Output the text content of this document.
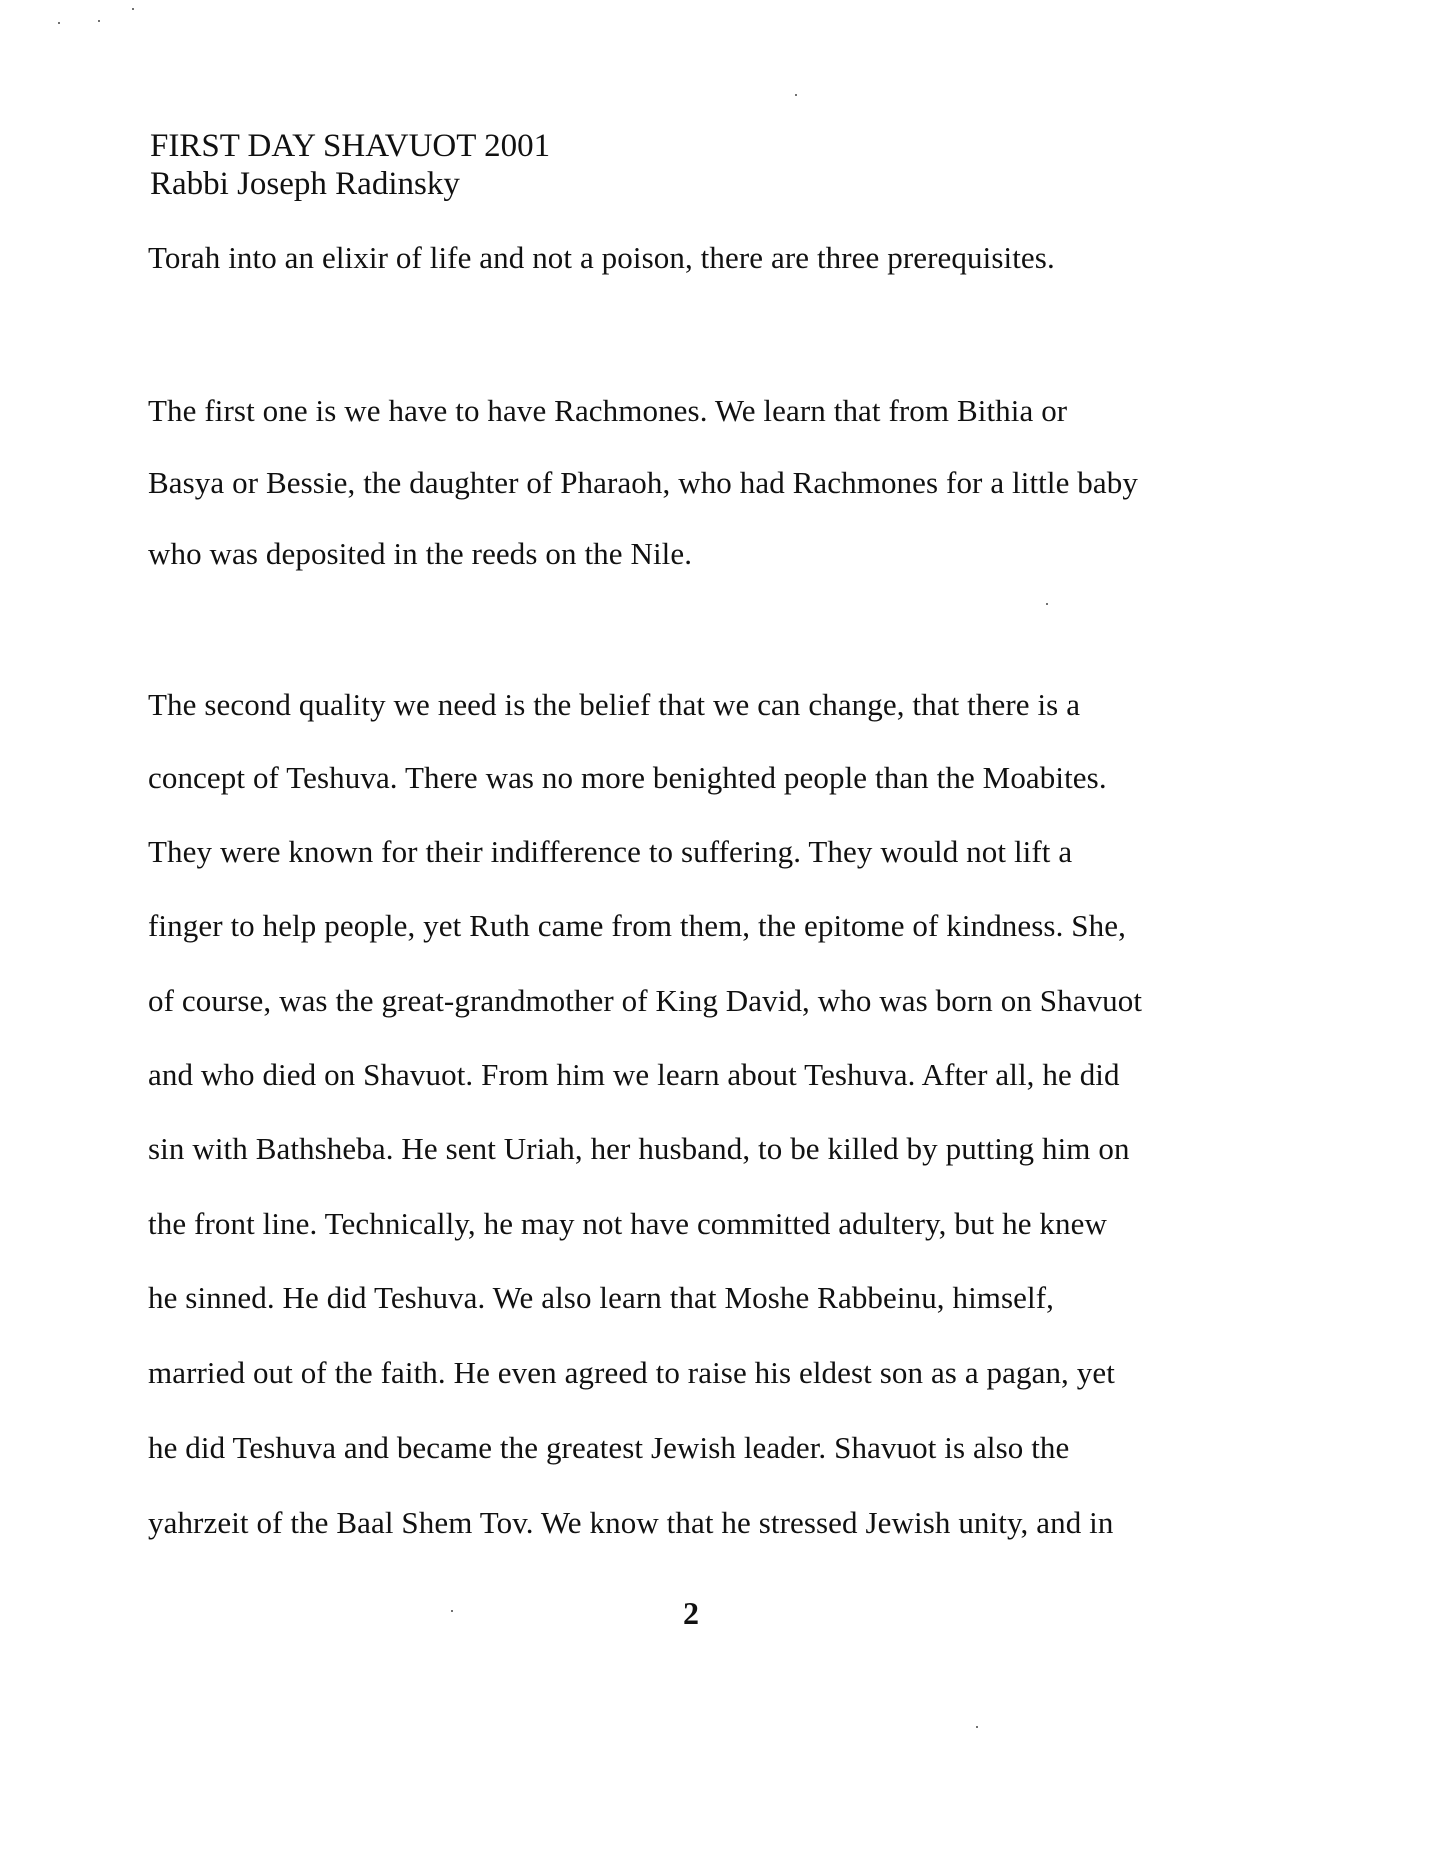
FIRST DAY SHAVUOT 2001
Rabbi Joseph Radinsky
Torah into an elixir of life and not a poison, there are three prerequisites.
The first one is we have to have Rachmones. We learn that from Bithia or
Basya or Bessie, the daughter of Pharaoh, who had Rachmones for a little baby
who was deposited in the reeds on the Nile.
The second quality we need is the belief that we can change, that there is a
concept of Teshuva. There was no more benighted people than the Moabites.
They were known for their indifference to suffering. They would not lift a
finger to help people, yet Ruth came from them, the epitome of kindness. She,
of course, was the great-grandmother of King David, who was born on Shavuot
and who died on Shavuot. From him we learn about Teshuva. After all, he did
sin with Bathsheba. He sent Uriah, her husband, to be killed by putting him on
the front line. Technically, he may not have committed adultery, but he knew
he sinned. He did Teshuva. We also learn that Moshe Rabbeinu, himself,
married out of the faith. He even agreed to raise his eldest son as a pagan, yet
he did Teshuva and became the greatest Jewish leader. Shavuot is also the
yahrzeit of the Baal Shem Tov. We know that he stressed Jewish unity, and in
2
